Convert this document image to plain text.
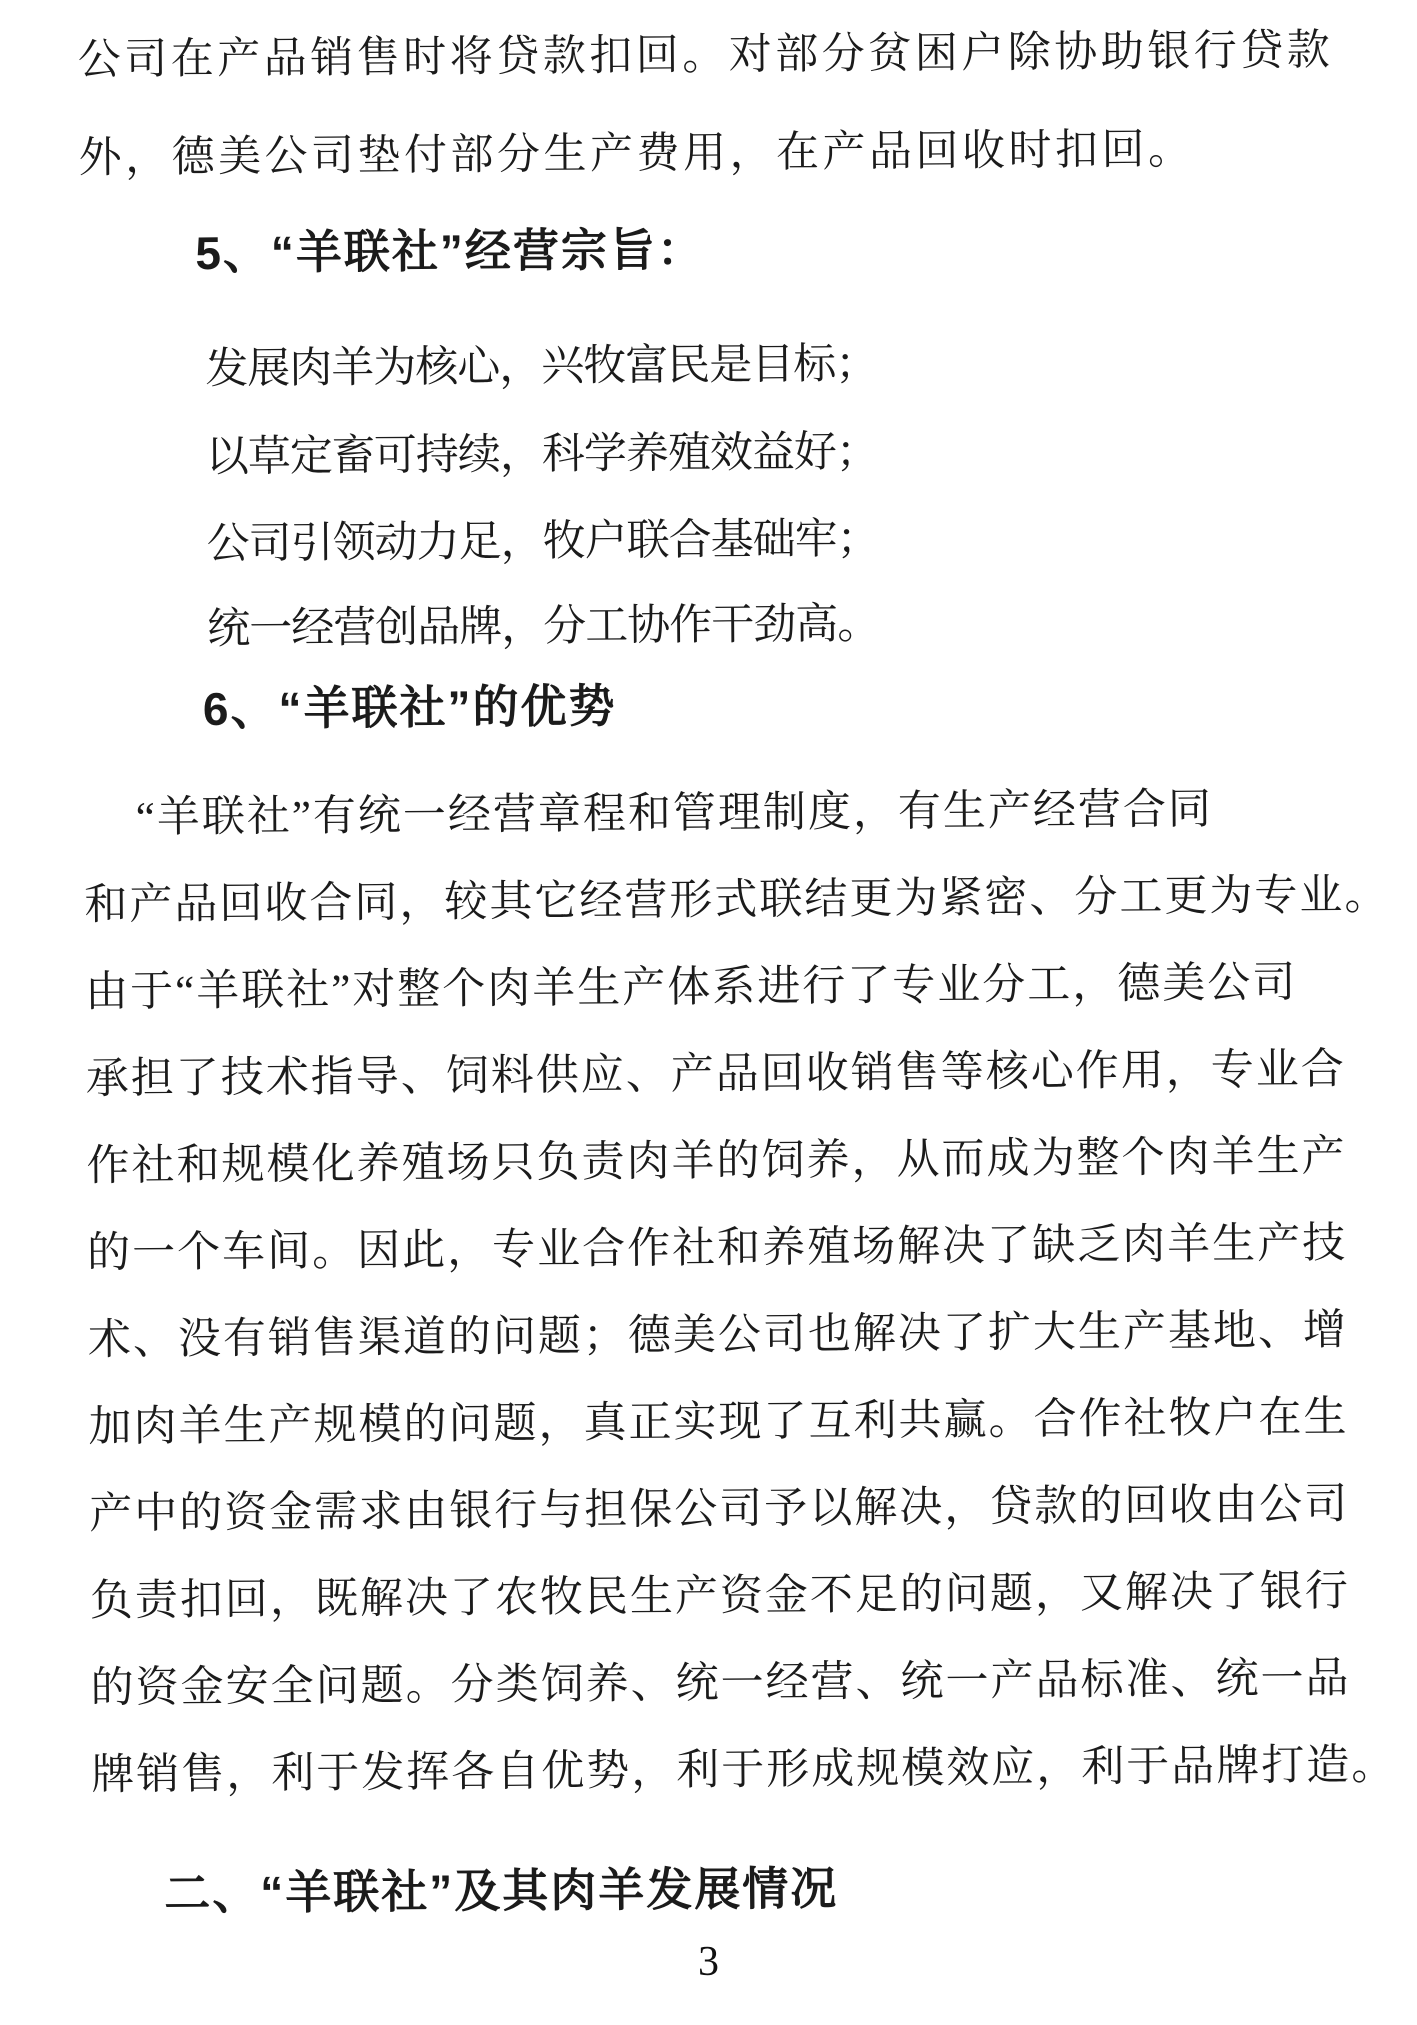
公司在产品销售时将贷款扣回。对部分贫困户除协助银行贷款
外，德美公司垫付部分生产费用，在产品回收时扣回。
5、“羊联社”经营宗旨：
发展肉羊为核心，兴牧富民是目标；
以草定畜可持续，科学养殖效益好；
公司引领动力足，牧户联合基础牢；
统一经营创品牌，分工协作干劲高。
6、“羊联社”的优势
“羊联社”有统一经营章程和管理制度，有生产经营合同
和产品回收合同，较其它经营形式联结更为紧密、分工更为专业。
由于“羊联社”对整个肉羊生产体系进行了专业分工，德美公司
承担了技术指导、饲料供应、产品回收销售等核心作用，专业合
作社和规模化养殖场只负责肉羊的饲养，从而成为整个肉羊生产
的一个车间。因此，专业合作社和养殖场解决了缺乏肉羊生产技
术、没有销售渠道的问题；德美公司也解决了扩大生产基地、增
加肉羊生产规模的问题，真正实现了互利共赢。合作社牧户在生
产中的资金需求由银行与担保公司予以解决，贷款的回收由公司
负责扣回，既解决了农牧民生产资金不足的问题，又解决了银行
的资金安全问题。分类饲养、统一经营、统一产品标准、统一品
牌销售，利于发挥各自优势，利于形成规模效应，利于品牌打造。
二、“羊联社”及其肉羊发展情况
3
